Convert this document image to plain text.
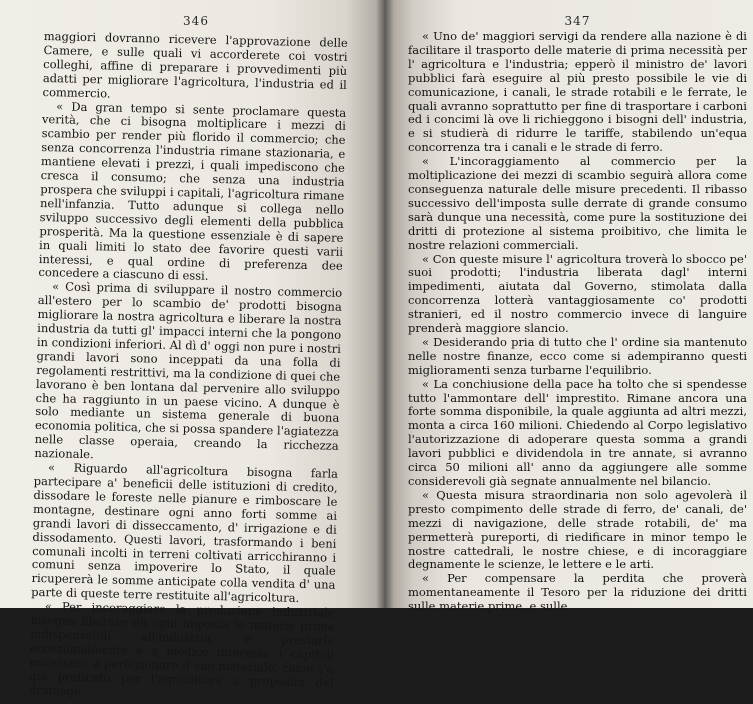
346

maggiori dovranno ricevere l'approvazione delle Camere, e sulle quali vi accorderete coi vostri colleghi, affine di preparare i provvedimenti più adatti per migliorare l'agricoltura, l'industria ed il commercio.

« Da gran tempo si sente proclamare questa verità, che ci bisogna moltiplicare i mezzi di scambio per render più florido il commercio; che senza concorrenza l'industria rimane stazionaria, e mantiene elevati i prezzi, i quali impediscono che cresca il consumo; che senza una industria prospera che sviluppi i capitali, l'agricoltura rimane nell'infanzia. Tutto adunque si collega nello sviluppo successivo degli elementi della pubblica prosperità. Ma la questione essenziale è di sapere in quali limiti lo stato dee favorire questi varii interessi, e qual ordine di preferenza dee concedere a ciascuno di essi.

« Così prima di sviluppare il nostro commercio all'estero per lo scambio de' prodotti bisogna migliorare la nostra agricoltura e liberare la nostra industria da tutti gl' impacci interni che la pongono in condizioni inferiori. Al dì d' oggi non pure i nostri grandi lavori sono inceppati da una folla di regolamenti restrittivi, ma la condizione di quei che lavorano è ben lontana dal pervenire allo sviluppo che ha raggiunto in un paese vicino. A dunque è solo mediante un sistema generale di buona economia politica, che si possa spandere l'agiatezza nelle classe operaia, creando la ricchezza nazionale.

« Riguardo all'agricoltura bisogna farla partecipare a' beneficii delle istituzioni di credito, dissodare le foreste nelle pianure e rimboscare le montagne, destinare ogni anno forti somme ai grandi lavori di disseccamento, d' irrigazione e di dissodamento. Questi lavori, trasformando i beni comunali incolti in terreni coltivati arricchiranno i comuni senza impoverire lo Stato, il quale ricupererà le somme anticipate colla vendita d' una parte di queste terre restituite all'agricoltura.

« Per incoraggiare la produzione industriale bisogna liberare da ogni imposta le materie prime indispensabili all'industria, e prestarle eccezionalmente e a modico interesse i capitali necessarii a perfezionare il suo materiale, come s'è già praticato per l'agricoltura a proposito del drainage.

347

« Uno de' maggiori servigi da rendere alla nazione è di facilitare il trasporto delle materie di prima necessità per l' agricoltura e l'industria; epperò il ministro de' lavori pubblici farà eseguire al più presto possibile le vie di comunicazione, i canali, le strade rotabili e le ferrate, le quali avranno soprattutto per fine di trasportare i carboni ed i concimi là ove li richieggono i bisogni dell' industria, e si studierà di ridurre le tariffe, stabilendo un'equa concorrenza tra i canali e le strade di ferro.

« L'incoraggiamento al commercio per la moltiplicazione dei mezzi di scambio seguirà allora come conseguenza naturale delle misure precedenti. Il ribasso successivo dell'imposta sulle derrate di grande consumo sarà dunque una necessità, come pure la sostituzione dei dritti di protezione al sistema proibitivo, che limita le nostre relazioni commerciali.

« Con queste misure l' agricoltura troverà lo sbocco pe' suoi prodotti; l'industria liberata dagl' interni impedimenti, aiutata dal Governo, stimolata dalla concorrenza lotterà vantaggiosamente co' prodotti stranieri, ed il nostro commercio invece di languire prenderà maggiore slancio.

« Desiderando pria di tutto che l' ordine sia mantenuto nelle nostre finanze, ecco come si adempiranno questi miglioramenti senza turbarne l'equilibrio.

« La conchiusione della pace ha tolto che si spendesse tutto l'ammontare dell' imprestito. Rimane ancora una forte somma disponibile, la quale aggiunta ad altri mezzi, monta a circa 160 milioni. Chiedendo al Corpo legislativo l'autorizzazione di adoperare questa somma a grandi lavori pubblici e dividendola in tre annate, si avranno circa 50 milioni all' anno da aggiungere alle somme considerevoli già segnate annualmente nel bilancio.

« Questa misura straordinaria non solo agevolerà il presto compimento delle strade di ferro, de' canali, de' mezzi di navigazione, delle strade rotabili, de' ma permetterà pureporti, di riedificare in minor tempo le nostre cattedrali, le nostre chiese, e di incoraggiare degnamente le scienze, le lettere e le arti.

« Per compensare la perdita che proverà momentaneamente il Tesoro per la riduzione dei dritti sulle materie prime, e sulle
